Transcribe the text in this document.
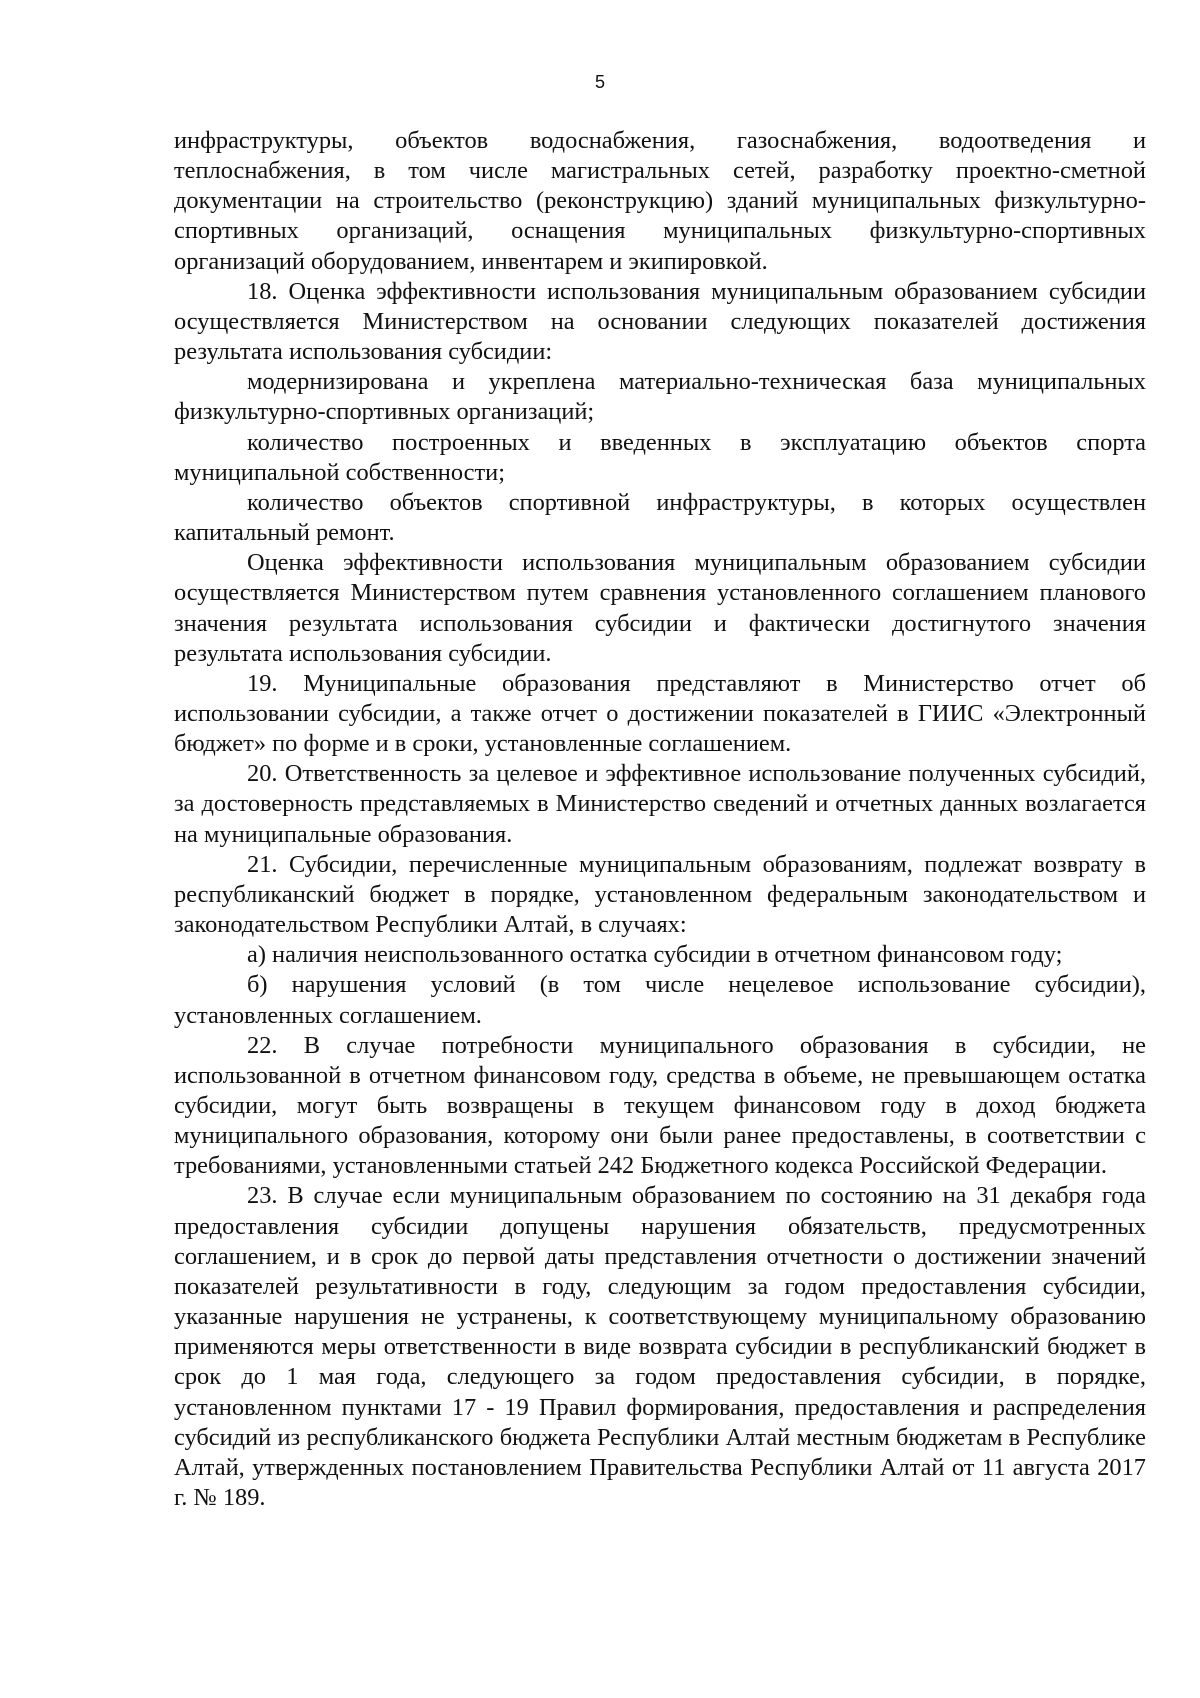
5

инфраструктуры, объектов водоснабжения, газоснабжения, водоотведения и теплоснабжения, в том числе магистральных сетей, разработку проектно-сметной документации на строительство (реконструкцию) зданий муниципальных физкультурно-спортивных организаций, оснащения муниципальных физкультурно-спортивных организаций оборудованием, инвентарем и экипировкой.

18. Оценка эффективности использования муниципальным образованием субсидии осуществляется Министерством на основании следующих показателей достижения результата использования субсидии:

модернизирована и укреплена материально-техническая база муниципальных физкультурно-спортивных организаций;

количество построенных и введенных в эксплуатацию объектов спорта муниципальной собственности;

количество объектов спортивной инфраструктуры, в которых осуществлен капитальный ремонт.

Оценка эффективности использования муниципальным образованием субсидии осуществляется Министерством путем сравнения установленного соглашением планового значения результата использования субсидии и фактически достигнутого значения результата использования субсидии.

19. Муниципальные образования представляют в Министерство отчет об использовании субсидии, а также отчет о достижении показателей в ГИИС «Электронный бюджет» по форме и в сроки, установленные соглашением.

20. Ответственность за целевое и эффективное использование полученных субсидий, за достоверность представляемых в Министерство сведений и отчетных данных возлагается на муниципальные образования.

21. Субсидии, перечисленные муниципальным образованиям, подлежат возврату в республиканский бюджет в порядке, установленном федеральным законодательством и законодательством Республики Алтай, в случаях:

а) наличия неиспользованного остатка субсидии в отчетном финансовом году;

б) нарушения условий (в том числе нецелевое использование субсидии), установленных соглашением.

22. В случае потребности муниципального образования в субсидии, не использованной в отчетном финансовом году, средства в объеме, не превышающем остатка субсидии, могут быть возвращены в текущем финансовом году в доход бюджета муниципального образования, которому они были ранее предоставлены, в соответствии с требованиями, установленными статьей 242 Бюджетного кодекса Российской Федерации.

23. В случае если муниципальным образованием по состоянию на 31 декабря года предоставления субсидии допущены нарушения обязательств, предусмотренных соглашением, и в срок до первой даты представления отчетности о достижении значений показателей результативности в году, следующим за годом предоставления субсидии, указанные нарушения не устранены, к соответствующему муниципальному образованию применяются меры ответственности в виде возврата субсидии в республиканский бюджет в срок до 1 мая года, следующего за годом предоставления субсидии, в порядке, установленном пунктами 17 - 19 Правил формирования, предоставления и распределения субсидий из республиканского бюджета Республики Алтай местным бюджетам в Республике Алтай, утвержденных постановлением Правительства Республики Алтай от 11 августа 2017 г. № 189.
